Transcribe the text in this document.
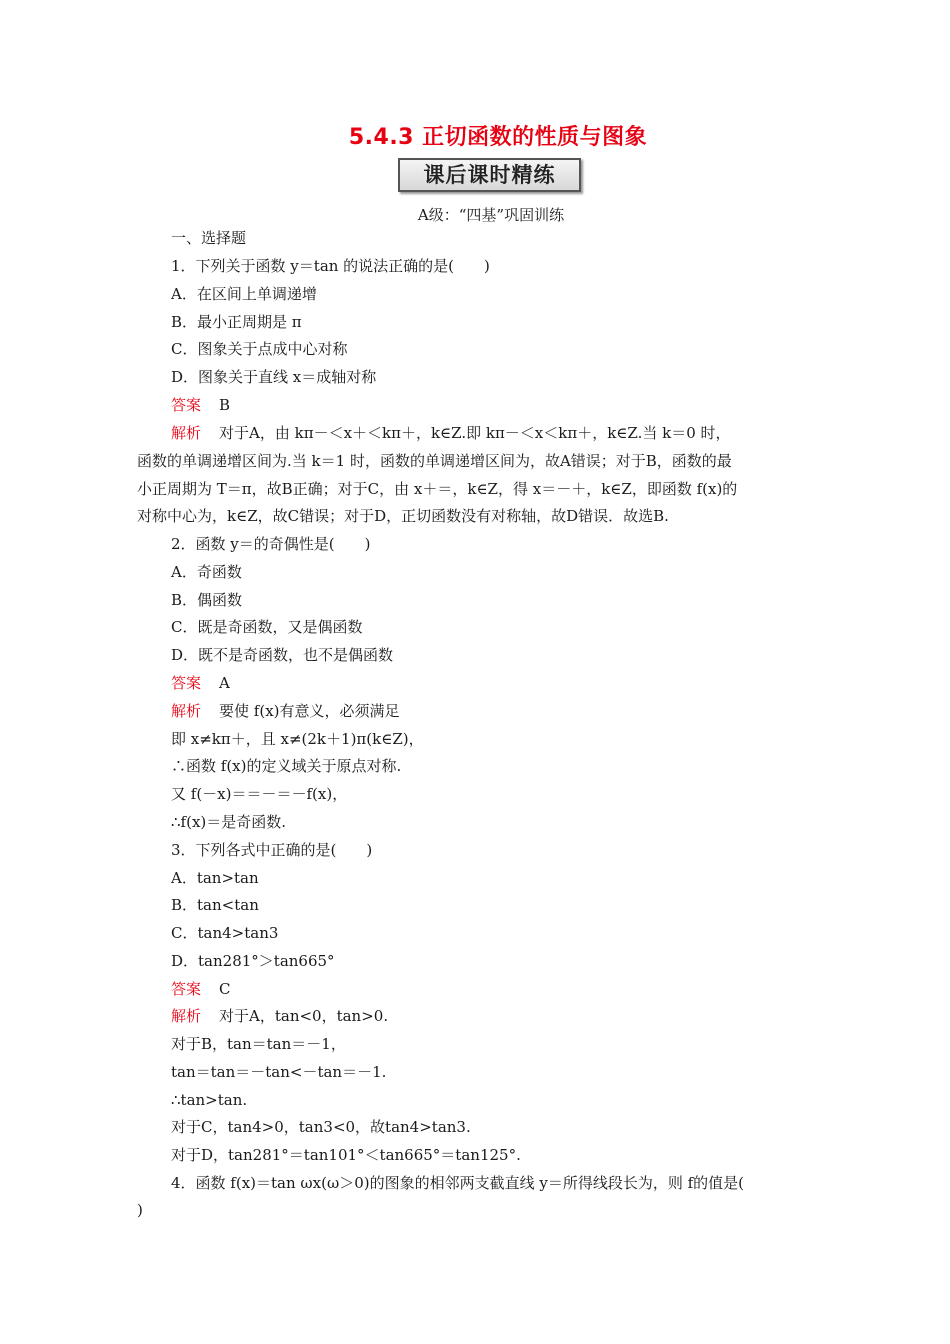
5.4.3 正切函数的性质与图象
课后课时精练
A级：“四基”巩固训练
一、选择题
1．下列关于函数 y＝tan 的说法正确的是(　　)
A．在区间上单调递增
B．最小正周期是 π
C．图象关于点成中心对称
D．图象关于直线 x＝成轴对称
答案 B
解析 对于A，由 kπ－＜x＋＜kπ＋，k∈Z.即 kπ－＜x＜kπ＋，k∈Z.当 k＝0 时，
函数的单调递增区间为.当 k＝1 时，函数的单调递增区间为，故A错误；对于B，函数的最
小正周期为 T＝π，故B正确；对于C，由 x＋＝，k∈Z，得 x＝－＋，k∈Z，即函数 f(x)的
对称中心为，k∈Z，故C错误；对于D，正切函数没有对称轴，故D错误．故选B.
2．函数 y＝的奇偶性是(　　)
A．奇函数
B．偶函数
C．既是奇函数，又是偶函数
D．既不是奇函数，也不是偶函数
答案 A
解析 要使 f(x)有意义，必须满足
即 x≠kπ＋，且 x≠(2k＋1)π(k∈Z)，
∴函数 f(x)的定义域关于原点对称.
又 f(－x)＝＝－＝－f(x)，
∴f(x)＝是奇函数.
3．下列各式中正确的是(　　)
A．tan>tan
B．tan<tan
C．tan4>tan3
D．tan281°＞tan665°
答案 C
解析 对于A，tan<0，tan>0.
对于B，tan＝tan＝－1，
tan＝tan＝－tan<－tan＝－1.
∴tan>tan.
对于C，tan4>0，tan3<0，故tan4>tan3.
对于D，tan281°＝tan101°＜tan665°＝tan125°.
4．函数 f(x)＝tan ωx(ω＞0)的图象的相邻两支截直线 y＝所得线段长为，则 f的值是(
)
